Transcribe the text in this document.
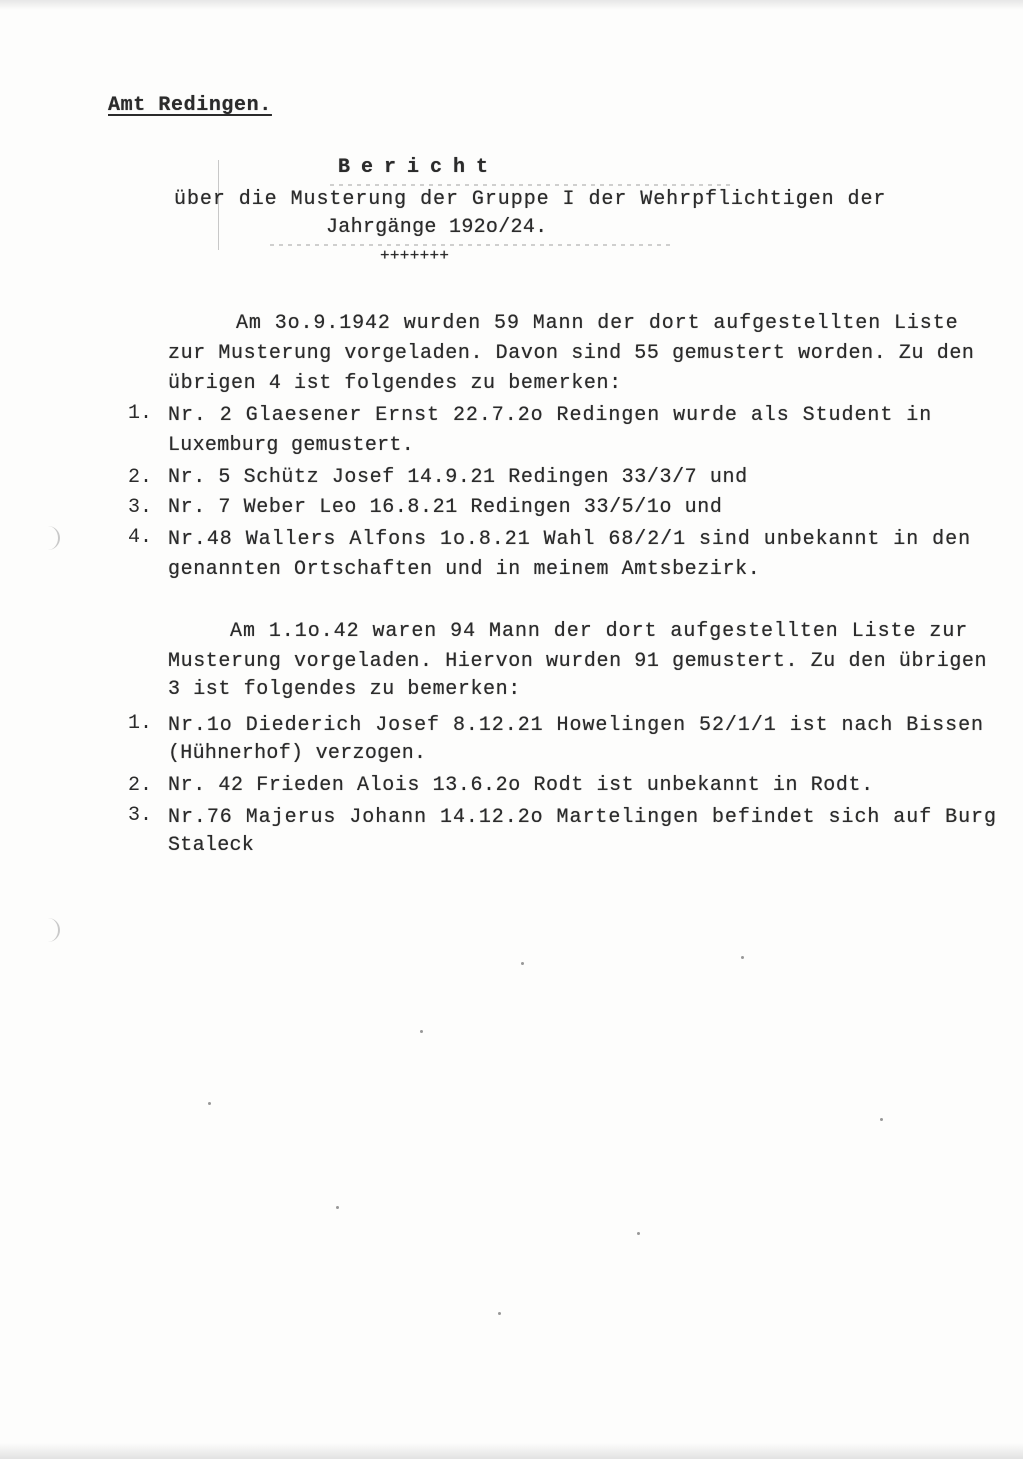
Amt Redingen.
Bericht
über die Musterung der Gruppe I der Wehrpflichtigen der
Jahrgänge 192o/24.
+++++++
Am 3o.9.1942 wurden 59 Mann der dort aufgestellten Liste
zur Musterung vorgeladen. Davon sind 55 gemustert worden. Zu den
übrigen 4 ist folgendes zu bemerken:
1. Nr. 2 Glaesener Ernst 22.7.2o Redingen wurde als Student in
Luxemburg gemustert.
2. Nr. 5 Schütz Josef 14.9.21 Redingen 33/3/7 und
3. Nr. 7 Weber Leo 16.8.21 Redingen 33/5/1o und
4. Nr.48 Wallers Alfons 1o.8.21 Wahl 68/2/1 sind unbekannt in den
genannten Ortschaften und in meinem Amtsbezirk.
Am 1.1o.42 waren 94 Mann der dort aufgestellten Liste zur
Musterung vorgeladen. Hiervon wurden 91 gemustert. Zu den übrigen
3 ist folgendes zu bemerken:
1. Nr.1o Diederich Josef 8.12.21 Howelingen 52/1/1 ist nach Bissen
(Hühnerhof) verzogen.
2. Nr. 42 Frieden Alois 13.6.2o Rodt ist unbekannt in Rodt.
3. Nr.76 Majerus Johann 14.12.2o Martelingen befindet sich auf Burg
Staleck
